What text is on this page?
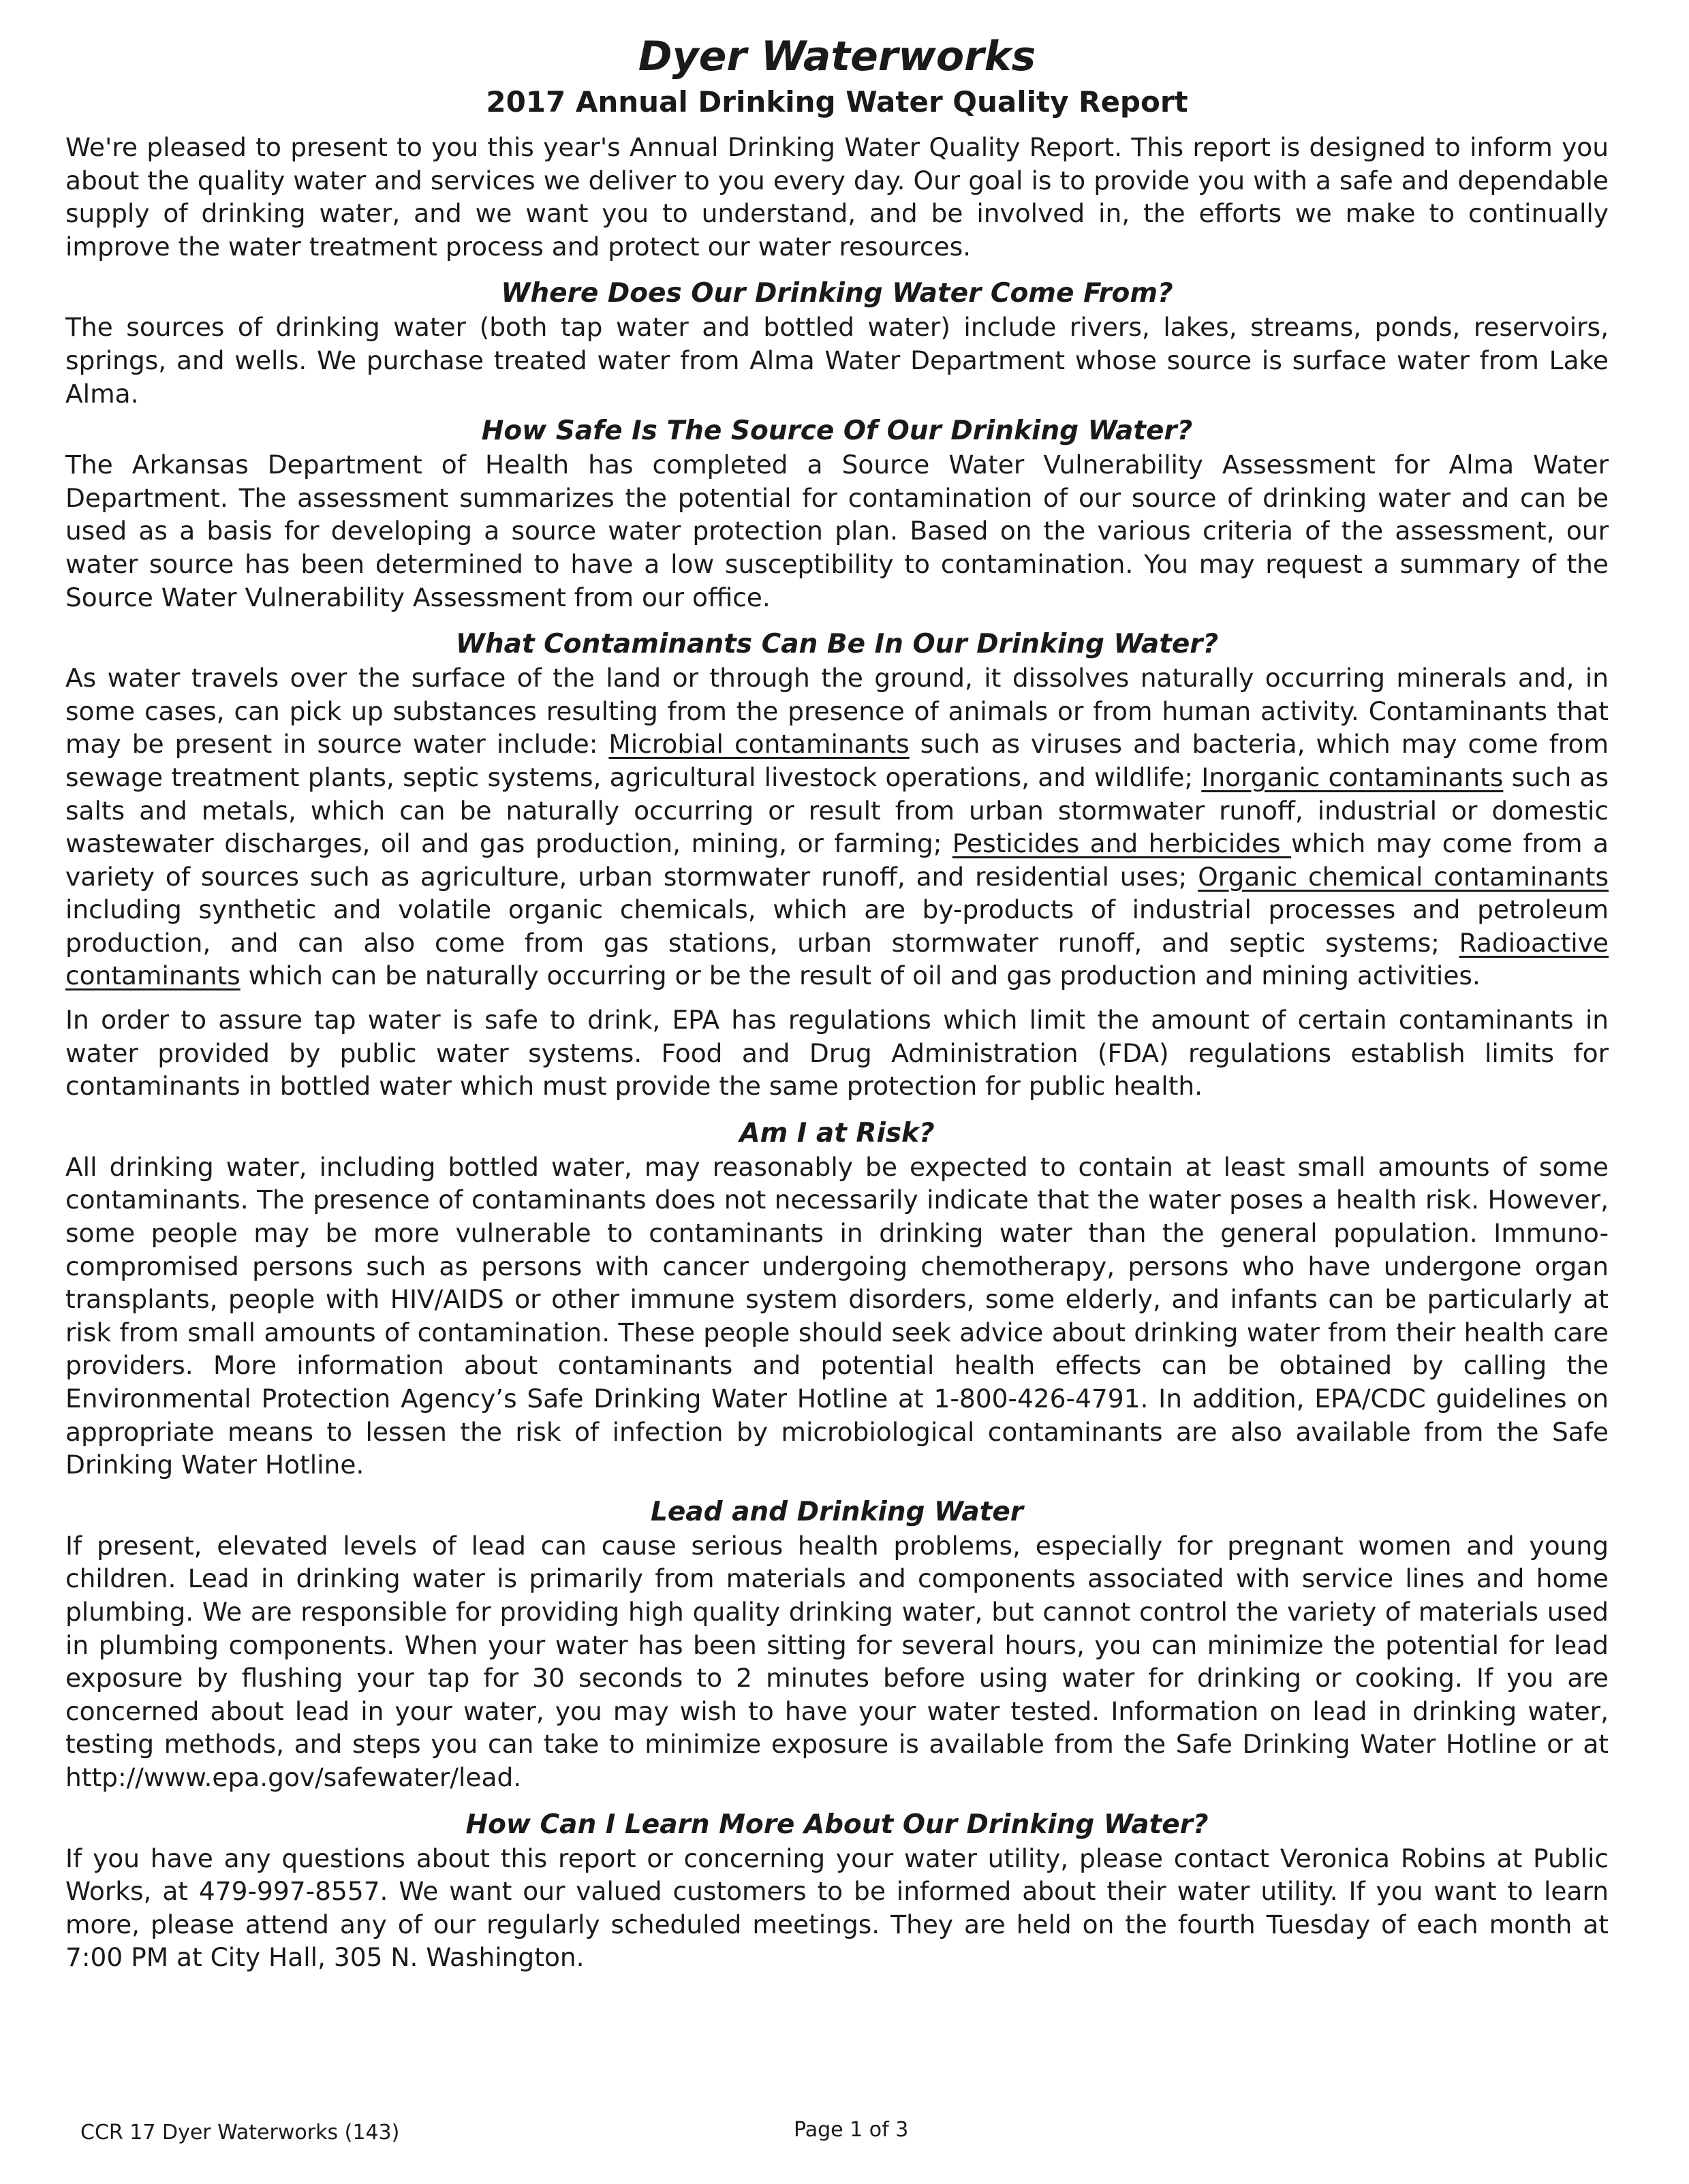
Dyer Waterworks
2017 Annual Drinking Water Quality Report

We're pleased to present to you this year's Annual Drinking Water Quality Report. This report is designed to inform you about the quality water and services we deliver to you every day. Our goal is to provide you with a safe and dependable supply of drinking water, and we want you to understand, and be involved in, the efforts we make to continually improve the water treatment process and protect our water resources.

Where Does Our Drinking Water Come From?

The sources of drinking water (both tap water and bottled water) include rivers, lakes, streams, ponds, reservoirs, springs, and wells. We purchase treated water from Alma Water Department whose source is surface water from Lake Alma.

How Safe Is The Source Of Our Drinking Water?

The Arkansas Department of Health has completed a Source Water Vulnerability Assessment for Alma Water Department. The assessment summarizes the potential for contamination of our source of drinking water and can be used as a basis for developing a source water protection plan. Based on the various criteria of the assessment, our water source has been determined to have a low susceptibility to contamination. You may request a summary of the Source Water Vulnerability Assessment from our office.

What Contaminants Can Be In Our Drinking Water?

As water travels over the surface of the land or through the ground, it dissolves naturally occurring minerals and, in some cases, can pick up substances resulting from the presence of animals or from human activity. Contaminants that may be present in source water include: Microbial contaminants such as viruses and bacteria, which may come from sewage treatment plants, septic systems, agricultural livestock operations, and wildlife; Inorganic contaminants such as salts and metals, which can be naturally occurring or result from urban stormwater runoff, industrial or domestic wastewater discharges, oil and gas production, mining, or farming; Pesticides and herbicides which may come from a variety of sources such as agriculture, urban stormwater runoff, and residential uses; Organic chemical contaminants including synthetic and volatile organic chemicals, which are by-products of industrial processes and petroleum production, and can also come from gas stations, urban stormwater runoff, and septic systems; Radioactive contaminants which can be naturally occurring or be the result of oil and gas production and mining activities.

In order to assure tap water is safe to drink, EPA has regulations which limit the amount of certain contaminants in water provided by public water systems. Food and Drug Administration (FDA) regulations establish limits for contaminants in bottled water which must provide the same protection for public health.

Am I at Risk?

All drinking water, including bottled water, may reasonably be expected to contain at least small amounts of some contaminants. The presence of contaminants does not necessarily indicate that the water poses a health risk. However, some people may be more vulnerable to contaminants in drinking water than the general population. Immuno-compromised persons such as persons with cancer undergoing chemotherapy, persons who have undergone organ transplants, people with HIV/AIDS or other immune system disorders, some elderly, and infants can be particularly at risk from small amounts of contamination. These people should seek advice about drinking water from their health care providers. More information about contaminants and potential health effects can be obtained by calling the Environmental Protection Agency’s Safe Drinking Water Hotline at 1-800-426-4791. In addition, EPA/CDC guidelines on appropriate means to lessen the risk of infection by microbiological contaminants are also available from the Safe Drinking Water Hotline.

Lead and Drinking Water

If present, elevated levels of lead can cause serious health problems, especially for pregnant women and young children. Lead in drinking water is primarily from materials and components associated with service lines and home plumbing. We are responsible for providing high quality drinking water, but cannot control the variety of materials used in plumbing components. When your water has been sitting for several hours, you can minimize the potential for lead exposure by flushing your tap for 30 seconds to 2 minutes before using water for drinking or cooking. If you are concerned about lead in your water, you may wish to have your water tested. Information on lead in drinking water, testing methods, and steps you can take to minimize exposure is available from the Safe Drinking Water Hotline or at http://www.epa.gov/safewater/lead.

How Can I Learn More About Our Drinking Water?

If you have any questions about this report or concerning your water utility, please contact Veronica Robins at Public Works, at 479-997-8557. We want our valued customers to be informed about their water utility. If you want to learn more, please attend any of our regularly scheduled meetings. They are held on the fourth Tuesday of each month at 7:00 PM at City Hall, 305 N. Washington.

CCR 17 Dyer Waterworks (143)	Page 1 of 3
